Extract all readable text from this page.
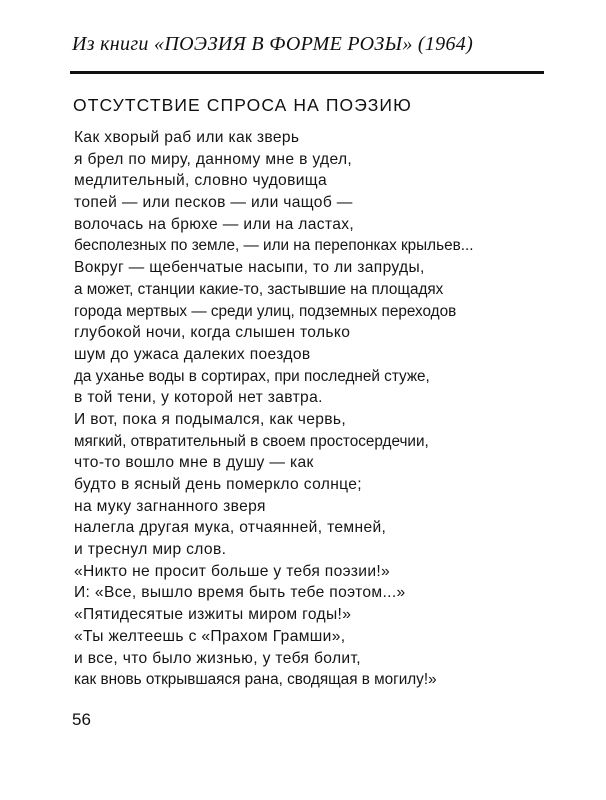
Из книги «ПОЭЗИЯ В ФОРМЕ РОЗЫ» (1964)
ОТСУТСТВИЕ СПРОСА НА ПОЭЗИЮ
Как хворый раб или как зверь
я брел по миру, данному мне в удел,
медлительный, словно чудовища
топей — или песков — или чащоб —
волочась на брюхе — или на ластах,
бесполезных по земле, — или на перепонках крыльев...
Вокруг — щебенчатые насыпи, то ли запруды,
а может, станции какие-то, застывшие на площадях
города мертвых — среди улиц, подземных переходов
глубокой ночи, когда слышен только
шум до ужаса далеких поездов
да уханье воды в сортирах, при последней стуже,
в той тени, у которой нет завтра.
И вот, пока я подымался, как червь,
мягкий, отвратительный в своем простосердечии,
что-то вошло мне в душу — как
будто в ясный день померкло солнце;
на муку загнанного зверя
налегла другая мука, отчаянней, темней,
и треснул мир слов.
«Никто не просит больше у тебя поэзии!»
И: «Все, вышло время быть тебе поэтом...»
«Пятидесятые изжиты миром годы!»
«Ты желтеешь с «Прахом Грамши»,
и все, что было жизнью, у тебя болит,
как вновь открывшаяся рана, сводящая в могилу!»
56
